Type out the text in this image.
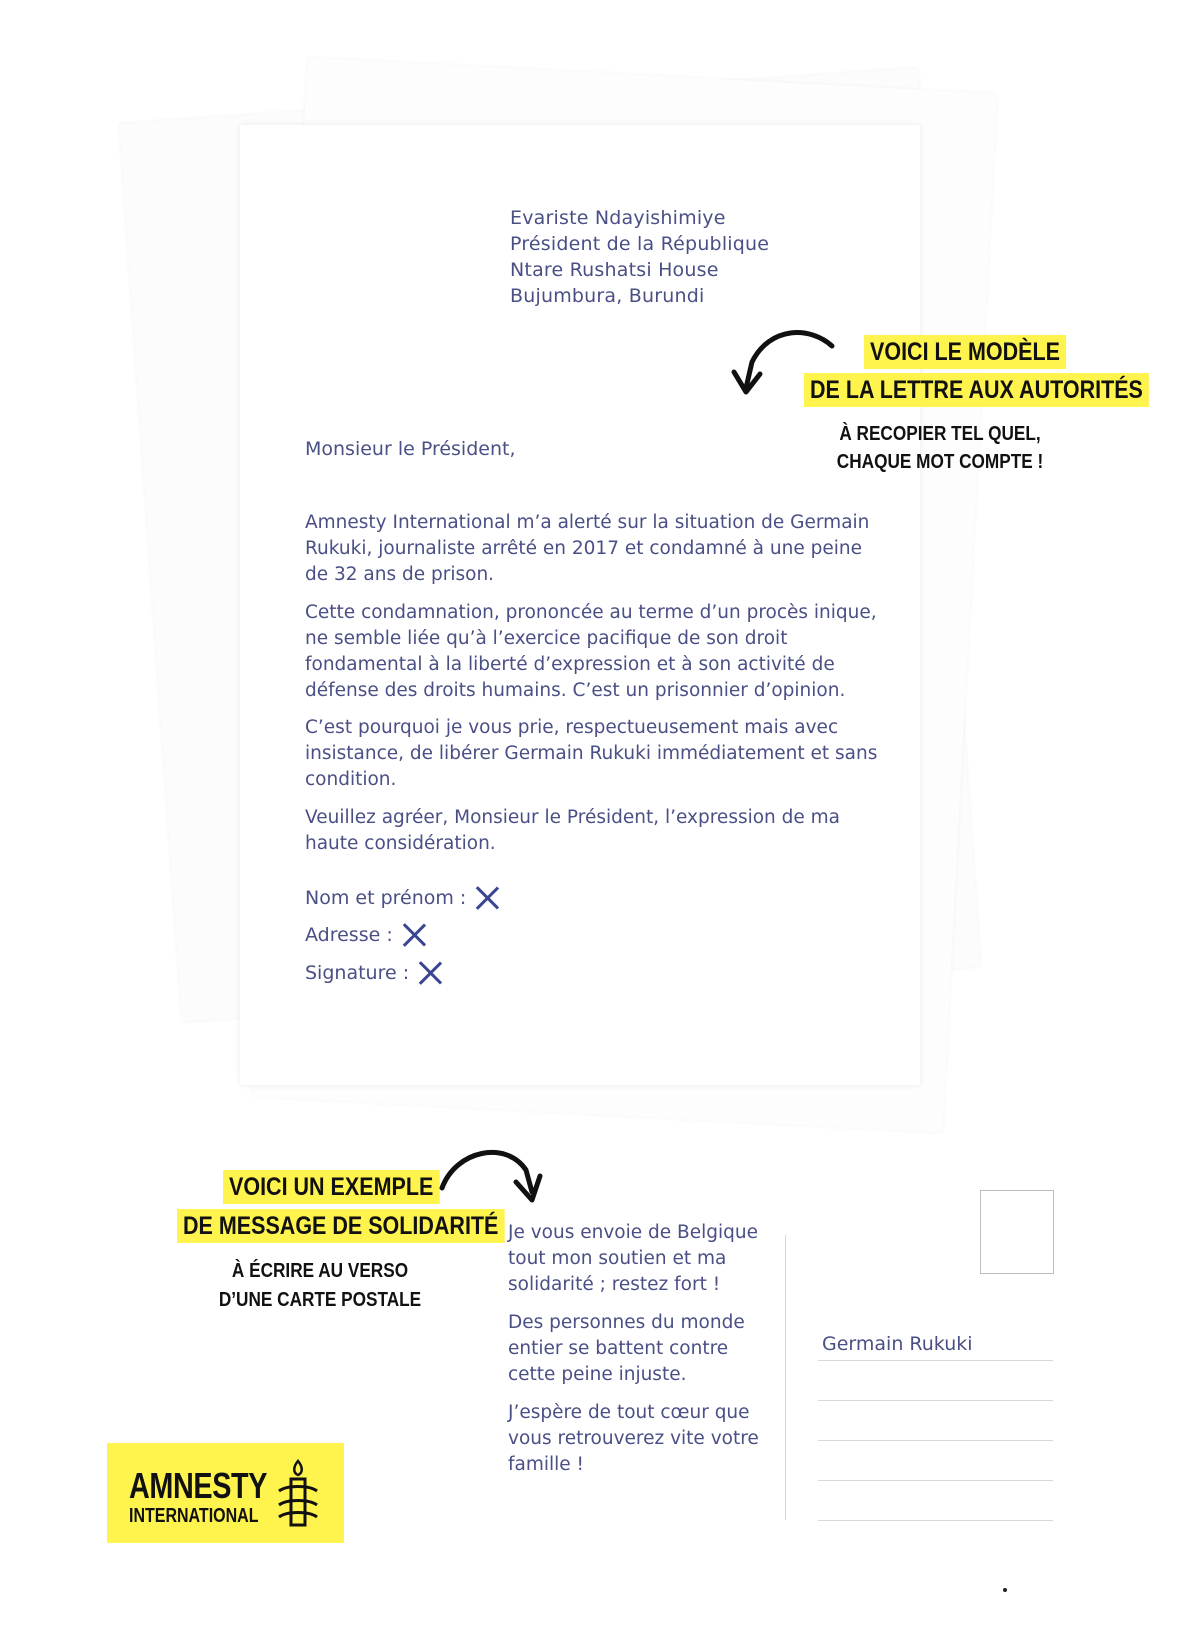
Evariste Ndayishimiye
Président de la République
Ntare Rushatsi House
Bujumbura, Burundi
Monsieur le Président,
Amnesty International m’a alerté sur la situation de Germain Rukuki, journaliste arrêté en 2017 et condamné à une peine de 32 ans de prison.
Cette condamnation, prononcée au terme d’un procès inique, ne semble liée qu’à l’exercice pacifique de son droit fondamental à la liberté d’expression et à son activité de défense des droits humains. C’est un prisonnier d’opinion.
C’est pourquoi je vous prie, respectueusement mais avec insistance, de libérer Germain Rukuki immédiatement et sans condition.
Veuillez agréer, Monsieur le Président, l’expression de ma haute considération.
Nom et prénom :
Adresse :
Signature :
VOICI LE MODÈLE
DE LA LETTRE AUX AUTORITÉS
À RECOPIER TEL QUEL,
CHAQUE MOT COMPTE !
VOICI UN EXEMPLE
DE MESSAGE DE SOLIDARITÉ
À ÉCRIRE AU VERSO
D’UNE CARTE POSTALE
Je vous envoie de Belgique tout mon soutien et ma solidarité ; restez fort !
Des personnes du monde entier se battent contre cette peine injuste.
J’espère de tout cœur que vous retrouverez vite votre famille !
Germain Rukuki
AMNESTY
INTERNATIONAL
